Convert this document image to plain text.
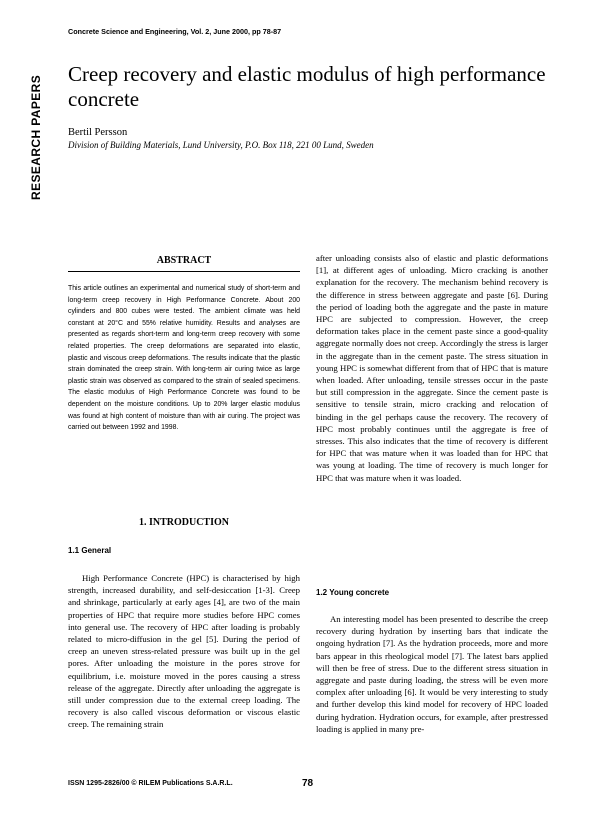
Concrete Science and Engineering, Vol. 2, June 2000, pp 78-87
RESEARCH PAPERS
Creep recovery and elastic modulus of high performance concrete
Bertil Persson
Division of Building Materials, Lund University, P.O. Box 118, 221 00 Lund, Sweden
ABSTRACT

This article outlines an experimental and numerical study of short-term and long-term creep recovery in High Performance Concrete. About 200 cylinders and 800 cubes were tested. The ambient climate was held constant at 20°C and 55% relative humidity. Results and analyses are presented as regards short-term and long-term creep recovery with some related properties. The creep deformations are separated into elastic, plastic and viscous creep deformations. The results indicate that the plastic strain dominated the creep strain. With long-term air curing twice as large plastic strain was observed as compared to the strain of sealed specimens. The elastic modulus of High Performance Concrete was found to be dependent on the moisture conditions. Up to 20% larger elastic modulus was found at high content of moisture than with air curing. The project was carried out between 1992 and 1998.

1. INTRODUCTION
1.1 General

High Performance Concrete (HPC) is characterised by high strength, increased durability, and self-desiccation [1-3]. Creep and shrinkage, particularly at early ages [4], are two of the main properties of HPC that require more studies before HPC comes into general use. The recovery of HPC after loading is probably related to micro-diffusion in the gel [5]. During the period of creep an uneven stress-related pressure was built up in the gel pores. After unloading the moisture in the pores strove for equilibrium, i.e. moisture moved in the pores causing a stress release of the aggregate. Directly after unloading the aggregate is still under compression due to the external creep loading. The recovery is also called viscous deformation or viscous elastic creep. The remaining strain

after unloading consists also of elastic and plastic deformations [1], at different ages of unloading. Micro cracking is another explanation for the recovery. The mechanism behind recovery is the difference in stress between aggregate and paste [6]. During the period of loading both the aggregate and the paste in mature HPC are subjected to compression. However, the creep deformation takes place in the cement paste since a good-quality aggregate normally does not creep. Accordingly the stress is larger in the aggregate than in the cement paste. The stress situation in young HPC is somewhat different from that of HPC that is mature when loaded. After unloading, tensile stresses occur in the paste but still compression in the aggregate. Since the cement paste is sensitive to tensile strain, micro cracking and relocation of binding in the gel perhaps cause the recovery. The recovery of HPC most probably continues until the aggregate is free of stresses. This also indicates that the time of recovery is different for HPC that was mature when it was loaded than for HPC that was young at loading. The time of recovery is much longer for HPC that was mature when it was loaded.

1.2 Young concrete

An interesting model has been presented to describe the creep recovery during hydration by inserting bars that indicate the ongoing hydration [7]. As the hydration proceeds, more and more bars appear in this rheological model [7]. The latest bars applied will then be free of stress. Due to the different stress situation in aggregate and paste during loading, the stress will be even more complex after unloading [6]. It would be very interesting to study and further develop this kind model for recovery of HPC loaded during hydration. Hydration occurs, for example, after prestressed loading is applied in many pre-

ISSN 1295-2826/00 © RILEM Publications S.A.R.L.	78
